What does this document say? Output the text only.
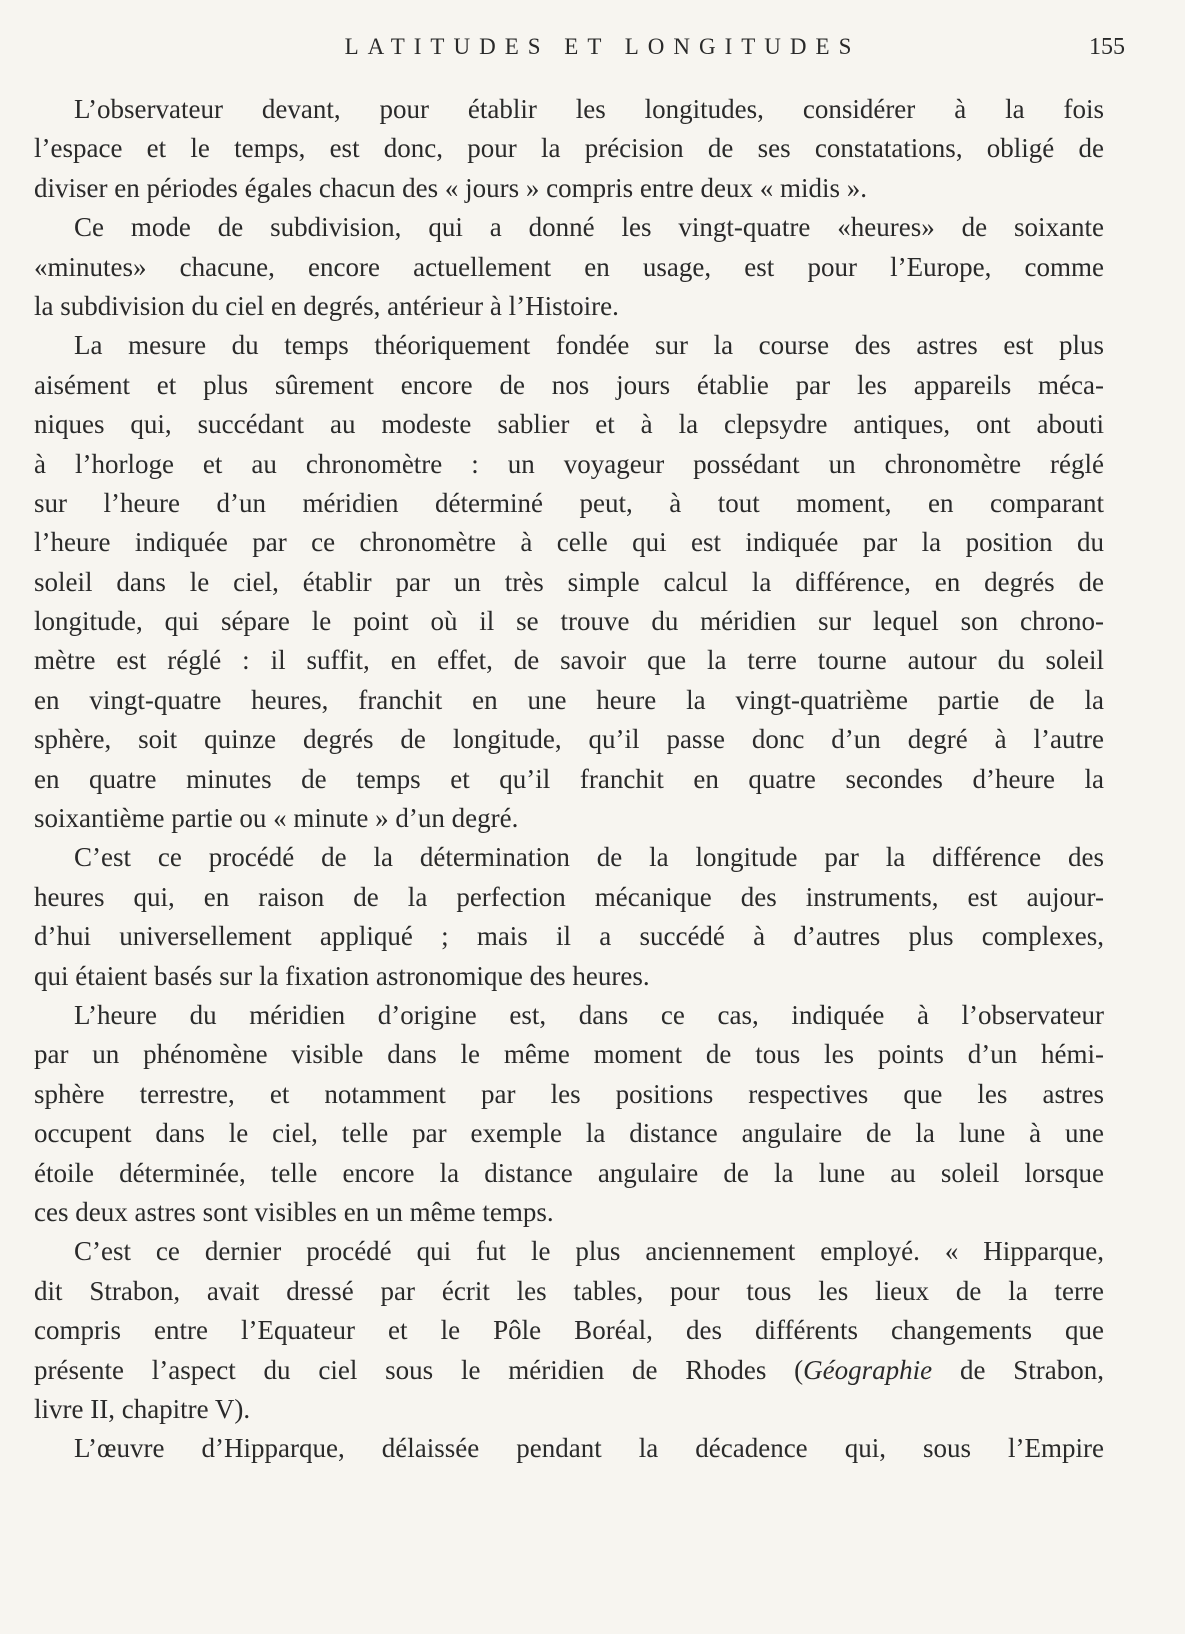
LATITUDES ET LONGITUDES	155
L’observateur devant, pour établir les longitudes, considérer à la fois
l’espace et le temps, est donc, pour la précision de ses constatations, obligé de
diviser en périodes égales chacun des « jours » compris entre deux « midis ».
Ce mode de subdivision, qui a donné les vingt-quatre «heures» de soixante
«minutes» chacune, encore actuellement en usage, est pour l’Europe, comme
la subdivision du ciel en degrés, antérieur à l’Histoire.
La mesure du temps théoriquement fondée sur la course des astres est plus
aisément et plus sûrement encore de nos jours établie par les appareils méca-
niques qui, succédant au modeste sablier et à la clepsydre antiques, ont abouti
à l’horloge et au chronomètre : un voyageur possédant un chronomètre réglé
sur l’heure d’un méridien déterminé peut, à tout moment, en comparant
l’heure indiquée par ce chronomètre à celle qui est indiquée par la position du
soleil dans le ciel, établir par un très simple calcul la différence, en degrés de
longitude, qui sépare le point où il se trouve du méridien sur lequel son chrono-
mètre est réglé : il suffit, en effet, de savoir que la terre tourne autour du soleil
en vingt-quatre heures, franchit en une heure la vingt-quatrième partie de la
sphère, soit quinze degrés de longitude, qu’il passe donc d’un degré à l’autre
en quatre minutes de temps et qu’il franchit en quatre secondes d’heure la
soixantième partie ou « minute » d’un degré.
C’est ce procédé de la détermination de la longitude par la différence des
heures qui, en raison de la perfection mécanique des instruments, est aujour-
d’hui universellement appliqué ; mais il a succédé à d’autres plus complexes,
qui étaient basés sur la fixation astronomique des heures.
L’heure du méridien d’origine est, dans ce cas, indiquée à l’observateur
par un phénomène visible dans le même moment de tous les points d’un hémi-
sphère terrestre, et notamment par les positions respectives que les astres
occupent dans le ciel, telle par exemple la distance angulaire de la lune à une
étoile déterminée, telle encore la distance angulaire de la lune au soleil lorsque
ces deux astres sont visibles en un même temps.
C’est ce dernier procédé qui fut le plus anciennement employé. « Hipparque,
dit Strabon, avait dressé par écrit les tables, pour tous les lieux de la terre
compris entre l’Equateur et le Pôle Boréal, des différents changements que
présente l’aspect du ciel sous le méridien de Rhodes (Géographie de Strabon,
livre II, chapitre V).
L’œuvre d’Hipparque, délaissée pendant la décadence qui, sous l’Empire
